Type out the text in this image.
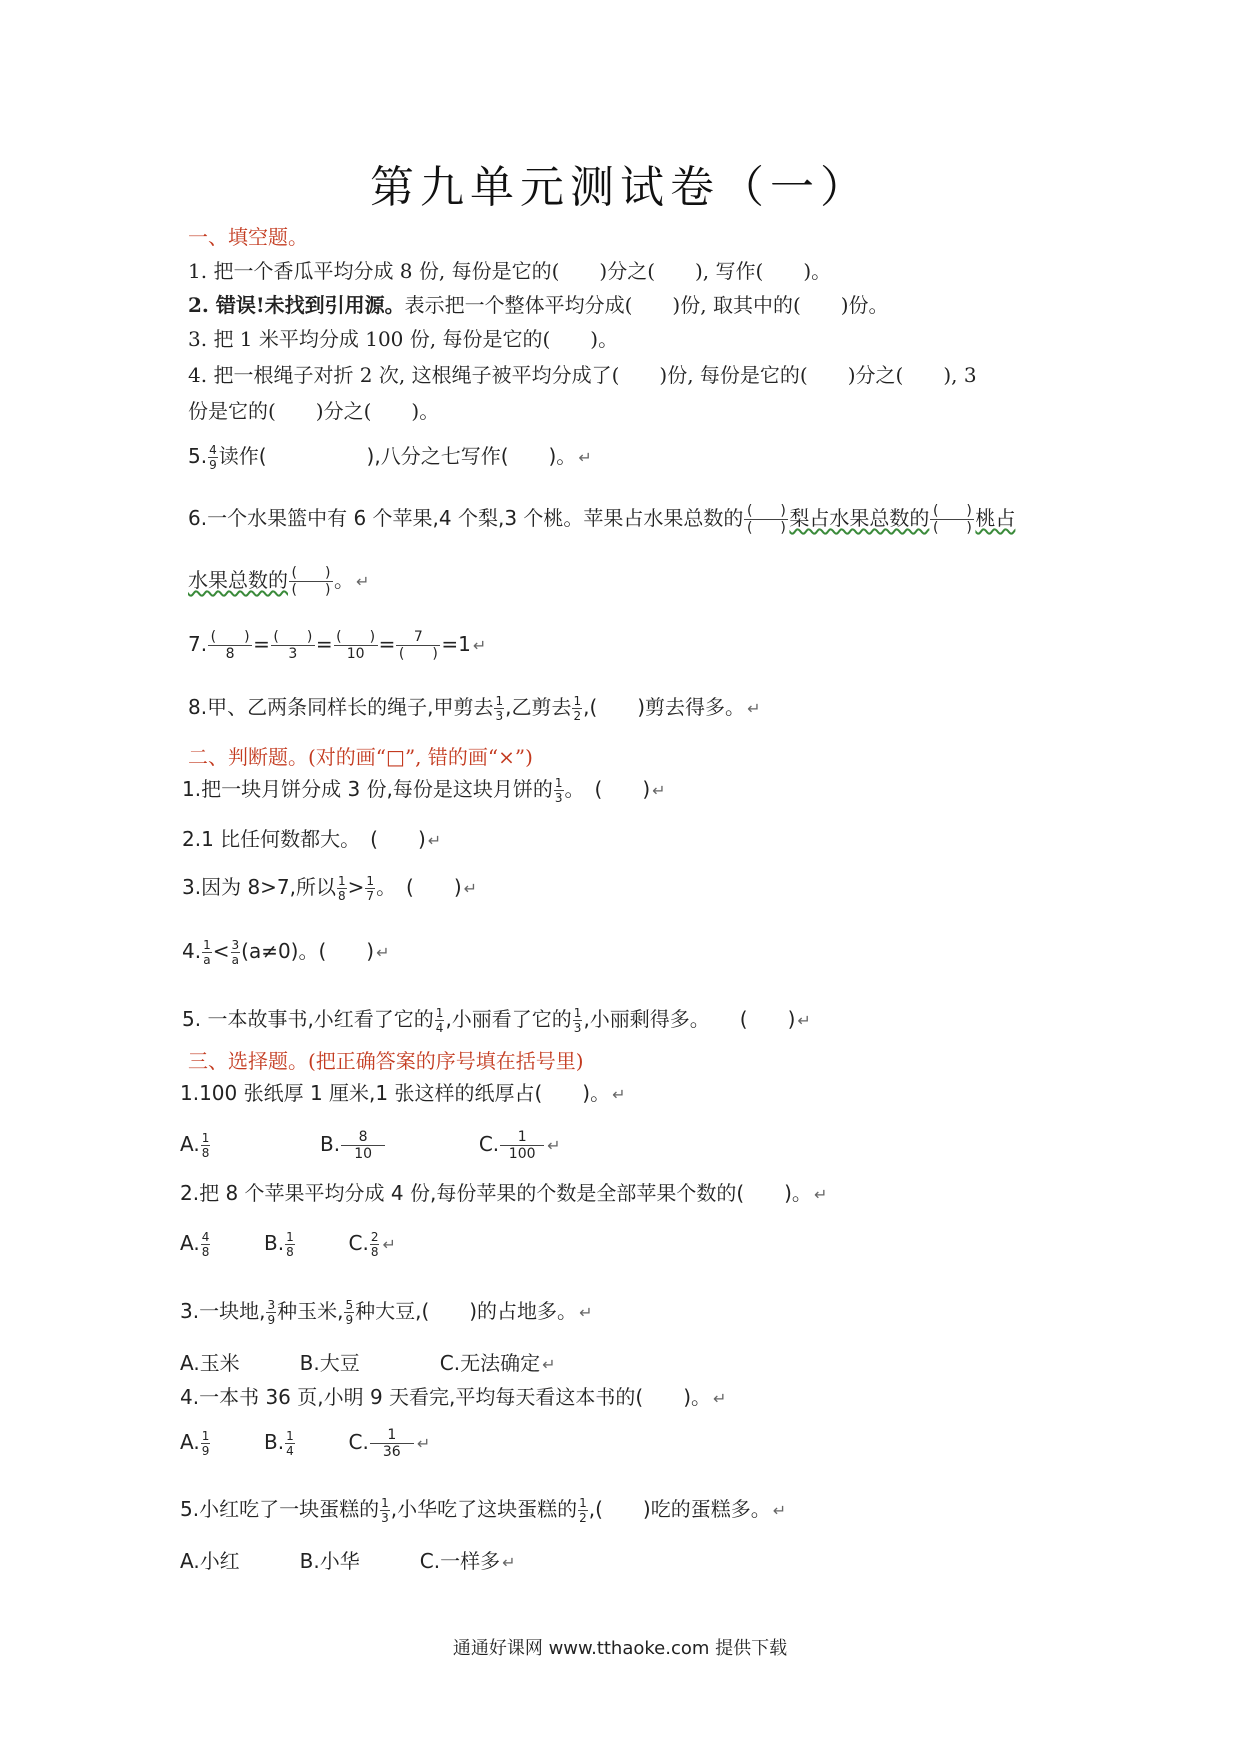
第九单元测试卷（一）
一、填空题。
1. 把一个香瓜平均分成 8 份, 每份是它的(　　)分之(　　), 写作(　　)。
2. 错误!未找到引用源。表示把一个整体平均分成(　　)份, 取其中的(　　)份。
3. 把 1 米平均分成 100 份, 每份是它的(　　)。
4. 把一根绳子对折 2 次, 这根绳子被平均分成了(　　)份, 每份是它的(　　)分之(　　), 3
份是它的(　　)分之(　　)。
5. $\frac{4}{9}$ 读作(　　　　　),八分之七写作(　　)。 ↵
6.一个水果篮中有 6 个苹果,4 个梨,3 个桃。苹果占水果总数的 $\frac{( )}{( )}$ 梨占水果总数的 $\frac{( )}{( )}$ 桃占
水果总数的 $\frac{( )}{( )}$ 。 ↵
7. $\frac{( )}{8} = \frac{( )}{3} = \frac{( )}{10} = \frac{7}{( )} =1$ ↵
8.甲、乙两条同样长的绳子,甲剪去 $\frac{1}{3}$ ,乙剪去 $\frac{1}{2}$ ,(　　)剪去得多。 ↵
二、判断题。(对的画“□”, 错的画“×”)
1.把一块月饼分成 3 份,每份是这块月饼的 $\frac{1}{3}$ 。　(　　) ↵
2.1 比任何数都大。　(　　) ↵
3.因为 8>7,所以 $\frac{1}{8} > \frac{1}{7}$ 。　(　　) ↵
4. $\frac{1}{a} < \frac{3}{a} (a\ne 0)$。(　　) ↵
5. 一本故事书,小红看了它的 $\frac{1}{4}$ ,小丽看了它的 $\frac{1}{3}$ ,小丽剩得多。　　(　　) ↵
三、选择题。(把正确答案的序号填在括号里)
1.100 张纸厚 1 厘米,1 张这样的纸厚占(　　)。 ↵
A. $\frac{1}{8}$	B. $\frac{8}{10}$	C. $\frac{1}{100}$ ↵
2.把 8 个苹果平均分成 4 份,每份苹果的个数是全部苹果个数的(　　)。 ↵
A. $\frac{4}{8}$	B. $\frac{1}{8}$	C. $\frac{2}{8}$ ↵
3.一块地, $\frac{3}{9}$ 种玉米, $\frac{5}{9}$ 种大豆,(　　)的占地多。 ↵
A.玉米　　　B.大豆　　　　C.无法确定 ↵
4.一本书 36 页,小明 9 天看完,平均每天看这本书的(　　)。 ↵
A. $\frac{1}{9}$	B. $\frac{1}{4}$	C. $\frac{1}{36}$ ↵
5.小红吃了一块蛋糕的 $\frac{1}{3}$ ,小华吃了这块蛋糕的 $\frac{1}{2}$ ,(　　)吃的蛋糕多。 ↵
A.小红　　　B.小华　　　C.一样多 ↵
通通好课网 www.tthaoke.com 提供下载
